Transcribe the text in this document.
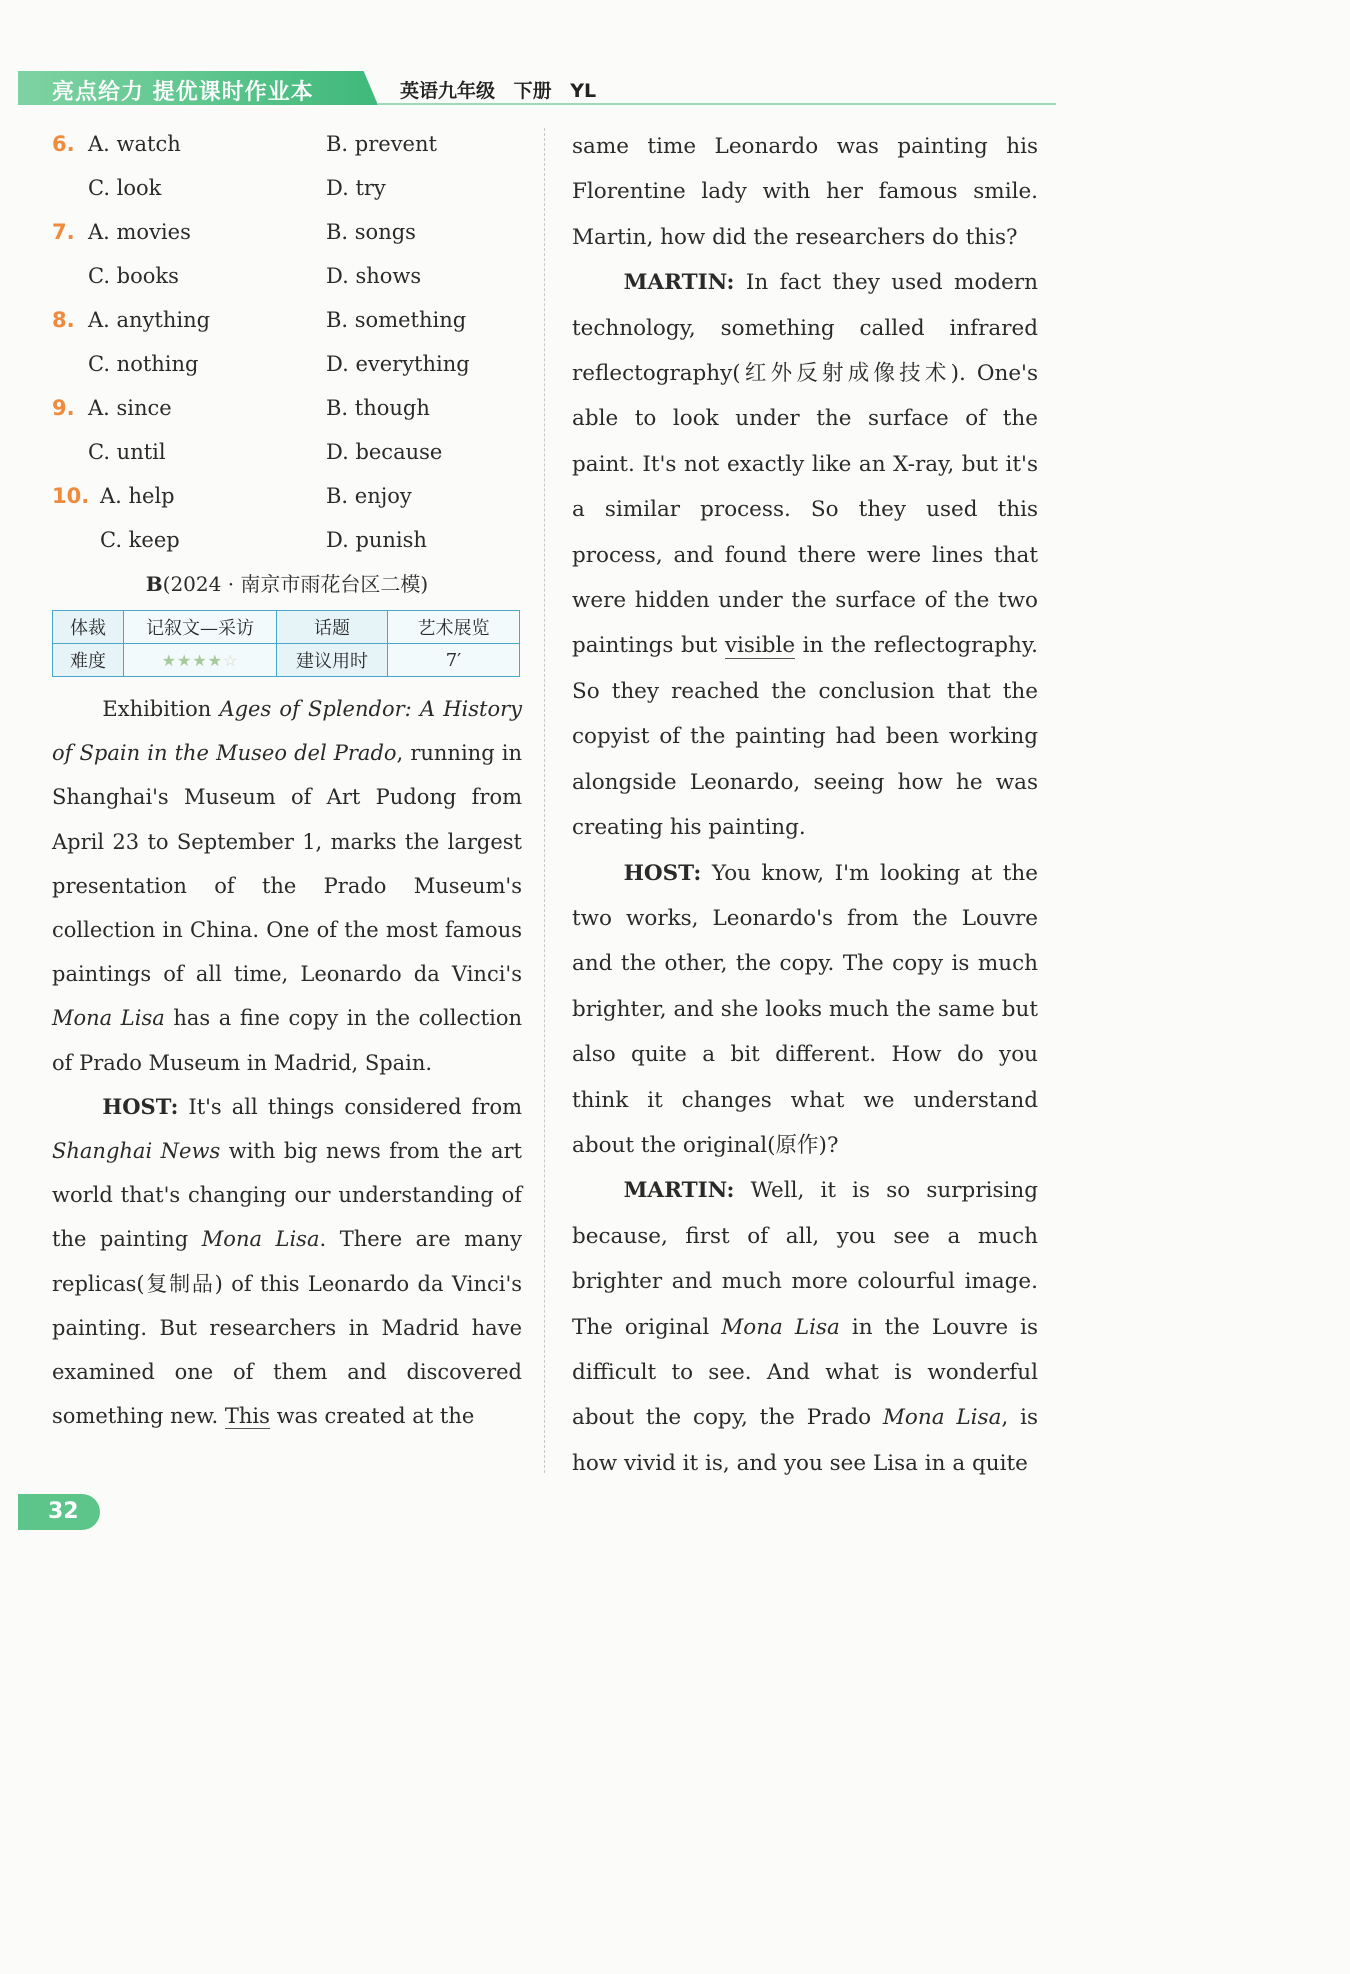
亮点给力 提优课时作业本	英语九年级 下册 YL
6. A. watch	B. prevent
C. look	D. try
7. A. movies	B. songs
C. books	D. shows
8. A. anything	B. something
C. nothing	D. everything
9. A. since	B. though
C. until	D. because
10. A. help	B. enjoy
C. keep	D. punish
B(2024 · 南京市雨花台区二模)
体裁	记叙文—采访	话题	艺术展览
难度	★★★★☆	建议用时	7′

Exhibition Ages of Splendor: A History of Spain in the Museo del Prado, running in Shanghai's Museum of Art Pudong from April 23 to September 1, marks the largest presentation of the Prado Museum's collection in China. One of the most famous paintings of all time, Leonardo da Vinci's Mona Lisa has a fine copy in the collection of Prado Museum in Madrid, Spain.

HOST: It's all things considered from Shanghai News with big news from the art world that's changing our understanding of the painting Mona Lisa. There are many replicas(复制品) of this Leonardo da Vinci's painting. But researchers in Madrid have examined one of them and discovered something new. This was created at the

same time Leonardo was painting his Florentine lady with her famous smile. Martin, how did the researchers do this?

MARTIN: In fact they used modern technology, something called infrared reflectography(红外反射成像技术). One's able to look under the surface of the paint. It's not exactly like an X-ray, but it's a similar process. So they used this process, and found there were lines that were hidden under the surface of the two paintings but visible in the reflectography. So they reached the conclusion that the copyist of the painting had been working alongside Leonardo, seeing how he was creating his painting.

HOST: You know, I'm looking at the two works, Leonardo's from the Louvre and the other, the copy. The copy is much brighter, and she looks much the same but also quite a bit different. How do you think it changes what we understand about the original(原作)?

MARTIN: Well, it is so surprising because, first of all, you see a much brighter and much more colourful image. The original Mona Lisa in the Louvre is difficult to see. And what is wonderful about the copy, the Prado Mona Lisa, is how vivid it is, and you see Lisa in a quite

32
